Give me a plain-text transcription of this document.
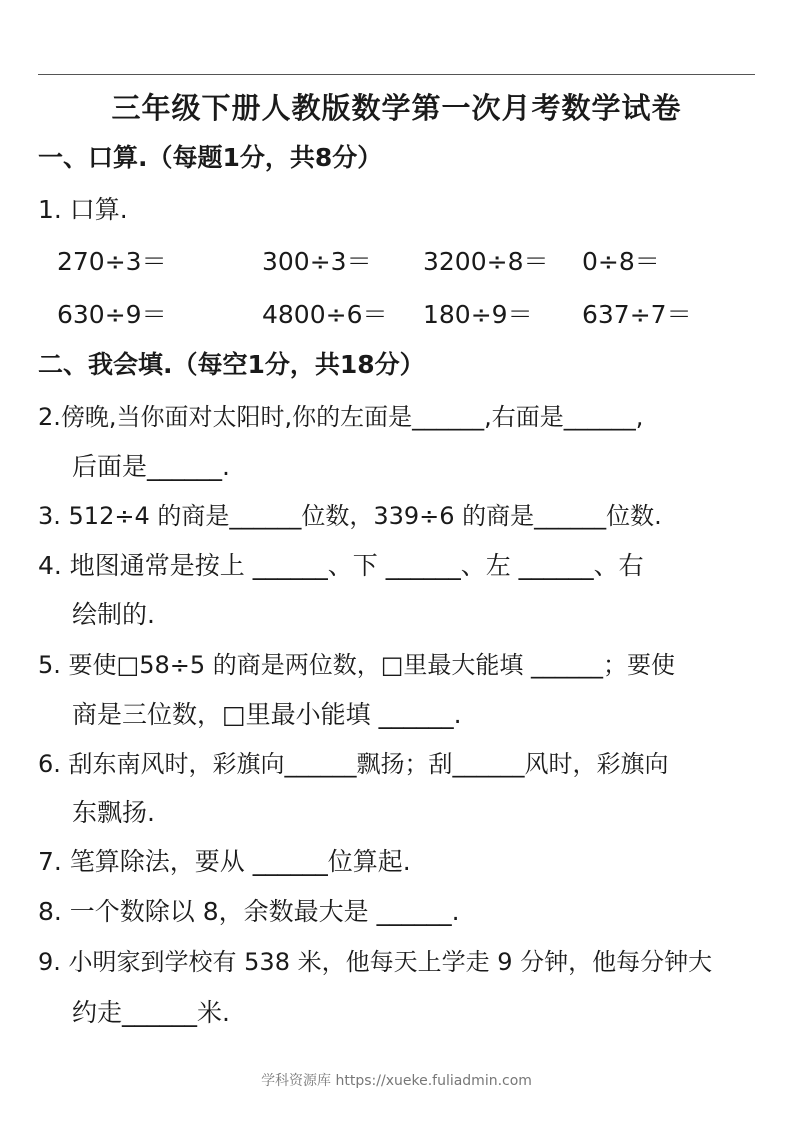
三年级下册人教版数学第一次月考数学试卷
一、口算.（每题1分，共8分）
1. 口算.
270÷3＝	300÷3＝ 3200÷8＝ 0÷8＝
630÷9＝	4800÷6＝ 180÷9＝ 637÷7＝
二、我会填.（每空1分，共18分）
2.傍晚,当你面对太阳时,你的左面是______,右面是______,
后面是______.
3. 512÷4 的商是______位数，339÷6 的商是______位数.
4. 地图通常是按上 ______、下 ______、左 ______、右
绘制的.
5. 要使□58÷5 的商是两位数，□里最大能填 ______；要使
商是三位数，□里最小能填 ______.
6. 刮东南风时，彩旗向______飘扬；刮______风时，彩旗向
东飘扬.
7. 笔算除法，要从 ______位算起.
8. 一个数除以 8，余数最大是 ______.
9. 小明家到学校有 538 米，他每天上学走 9 分钟，他每分钟大
约走______米.
学科资源库 https://xueke.fuliadmin.com
